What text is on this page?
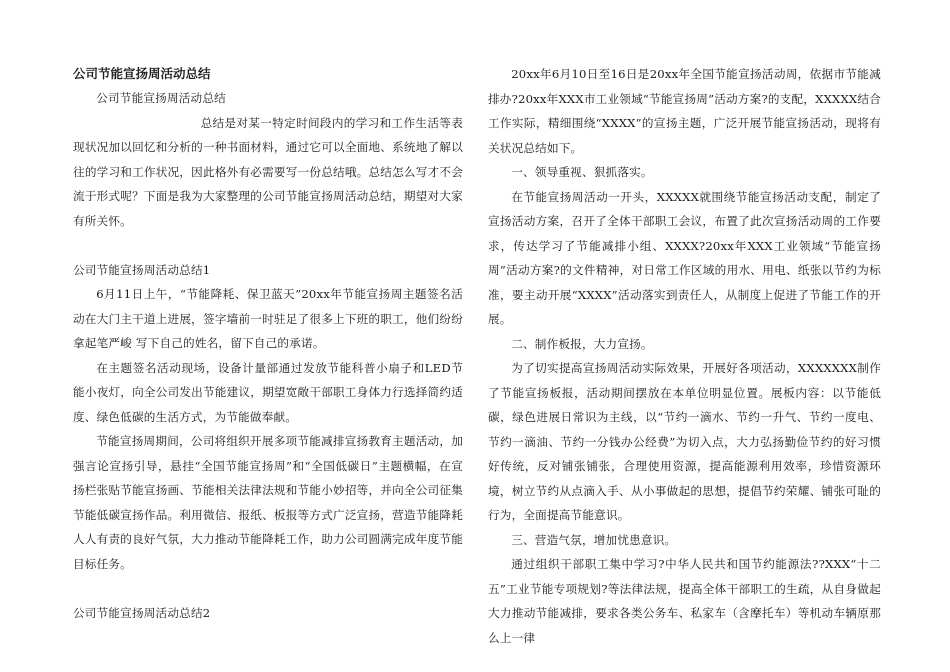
公司节能宣扬周活动总结

公司节能宣扬周活动总结

总结是对某一特定时间段内的学习和工作生活等表现状况加以回忆和分析的一种书面材料，通过它可以全面地、系统地了解以往的学习和工作状况，因此格外有必需要写一份总结哦。总结怎么写才不会流于形式呢？下面是我为大家整理的公司节能宣扬周活动总结，期望对大家有所关怀。

公司节能宣扬周活动总结1

6月11日上午，“节能降耗、保卫蓝天”20xx年节能宣扬周主题签名活动在大门主干道上进展，签字墙前一时驻足了很多上下班的职工，他们纷纷拿起笔严峻 写下自己的姓名，留下自己的承诺。

在主题签名活动现场，设备计量部通过发放节能科普小扇子和LED节能小夜灯，向全公司发出节能建议，期望宽敞干部职工身体力行选择简约适度、绿色低碳的生活方式，为节能做奉献。

节能宣扬周期间，公司将组织开展多项节能减排宣扬教育主题活动，加强言论宣扬引导，悬挂“全国节能宣扬周”和“全国低碳日”主题横幅，在宣扬栏张贴节能宣扬画、节能相关法律法规和节能小妙招等，并向全公司征集节能低碳宣扬作品。利用微信、报纸、板报等方式广泛宣扬，营造节能降耗人人有责的良好气氛，大力推动节能降耗工作，助力公司圆满完成年度节能目标任务。

公司节能宣扬周活动总结2

20xx年6月10日至16日是20xx年全国节能宣扬活动周，依据市节能减排办?20xx年XXX市工业领域“节能宣扬周”活动方案?的支配，XXXXX结合工作实际，精细围绕“XXXX”的宣扬主题，广泛开展节能宣扬活动，现将有关状况总结如下。

一、领导重视、狠抓落实。

在节能宣扬周活动一开头，XXXXX就围绕节能宣扬活动支配，制定了宣扬活动方案，召开了全体干部职工会议，布置了此次宣扬活动周的工作要求，传达学习了节能减排小组、XXXX?20xx年XXX工业领域“节能宣扬周”活动方案?的文件精神，对日常工作区域的用水、用电、纸张以节约为标准，要主动开展“XXXX”活动落实到责任人，从制度上促进了节能工作的开展。

二、制作板报，大力宣扬。

为了切实提高宣扬周活动实际效果，开展好各项活动，XXXXXXX制作了节能宣扬板报，活动期间摆放在本单位明显位置。展板内容：以节能低碳，绿色进展日常识为主线，以“节约一滴水、节约一升气、节约一度电、节约一滴油、节约一分钱办公经费”为切入点，大力弘扬勤俭节约的好习惯好传统，反对铺张铺张，合理使用资源，提高能源利用效率，珍惜资源环境，树立节约从点滴入手、从小事做起的思想，提倡节约荣耀、铺张可耻的行为，全面提高节能意识。

三、营造气氛，增加忧患意识。

通过组织干部职工集中学习?中华人民共和国节约能源法??XXX“十二五”工业节能专项规划?等法律法规，提高全体干部职工的生疏，从自身做起大力推动节能减排，要求各类公务车、私家车（含摩托车）等机动车辆原那么上一律
